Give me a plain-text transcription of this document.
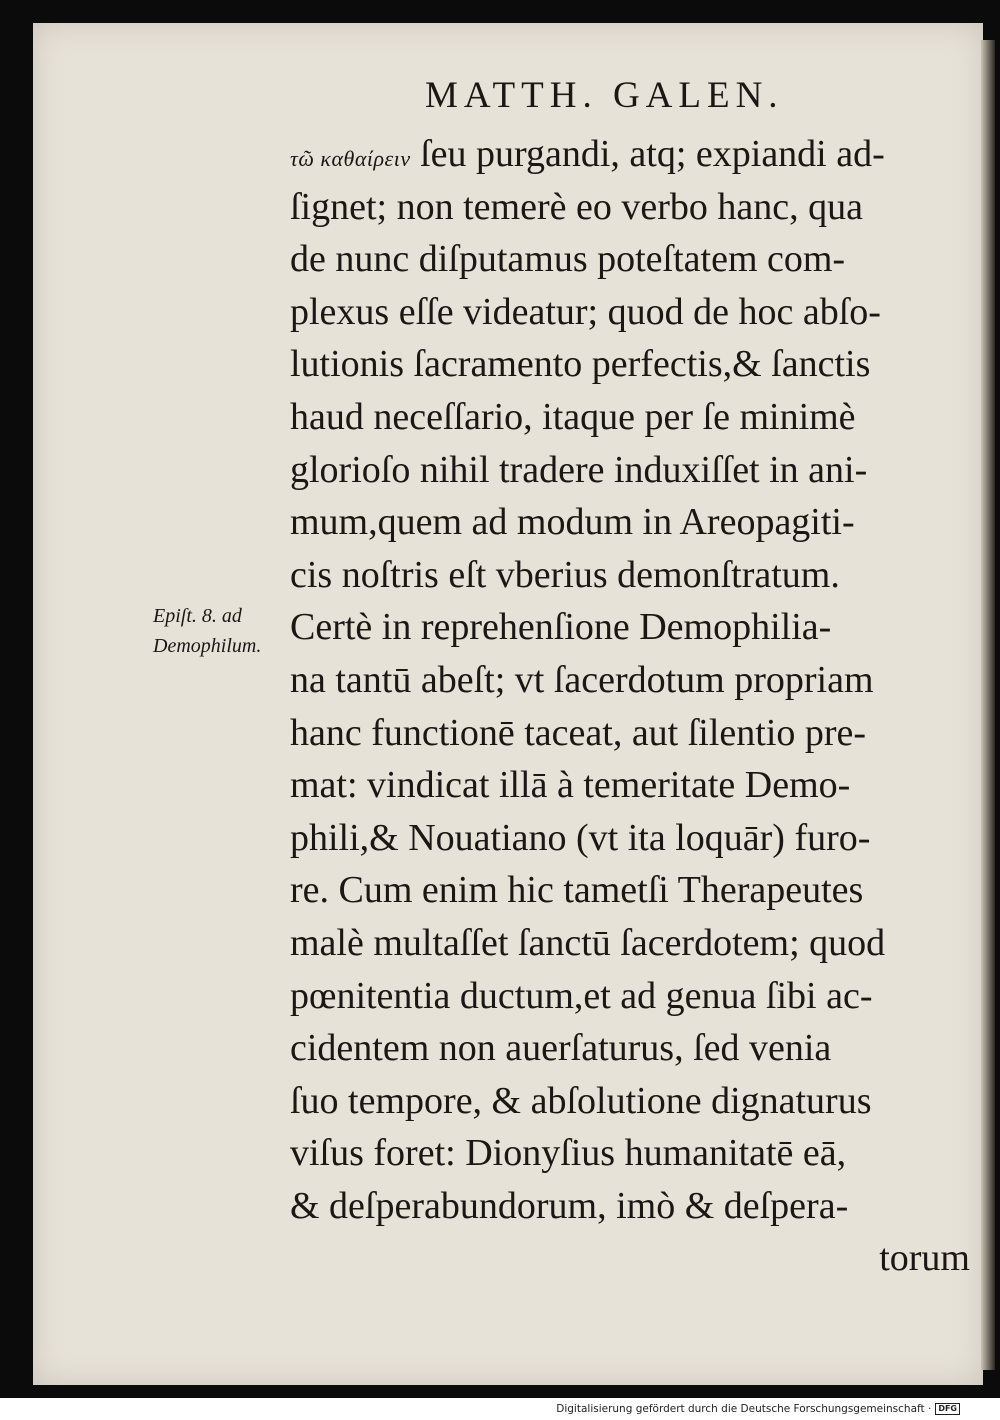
MATTH. GALEN.
Epiſt. 8. ad
Demophilum.
τῶ καθαίρειν ſeu purgandi, atq; expiandi ad-
ſignet; non temerè eo verbo hanc, qua
de nunc diſputamus poteſtatem com-
plexus eſſe videatur; quod de hoc abſo-
lutionis ſacramento perfectis,& ſanctis
haud neceſſario, itaque per ſe minimè
glorioſo nihil tradere induxiſſet in ani-
mum,quem ad modum in Areopagiti-
cis noſtris eſt vberius demonſtratum.
Certè in reprehenſione Demophilia-
na tantū abeſt; vt ſacerdotum propriam
hanc functionē taceat, aut ſilentio pre-
mat: vindicat illā à temeritate Demo-
phili,& Nouatiano (vt ita loquār) furo-
re. Cum enim hic tametſi Therapeutes
malè multaſſet ſanctū ſacerdotem; quod
pœnitentia ductum,et ad genua ſibi ac-
cidentem non auerſaturus, ſed venia
ſuo tempore, & abſolutione dignaturus
viſus foret: Dionyſius humanitatē eā,
& deſperabundorum, imò & deſpera-
torum
Digitalisierung gefördert durch die Deutsche Forschungsgemeinschaft · DFG
